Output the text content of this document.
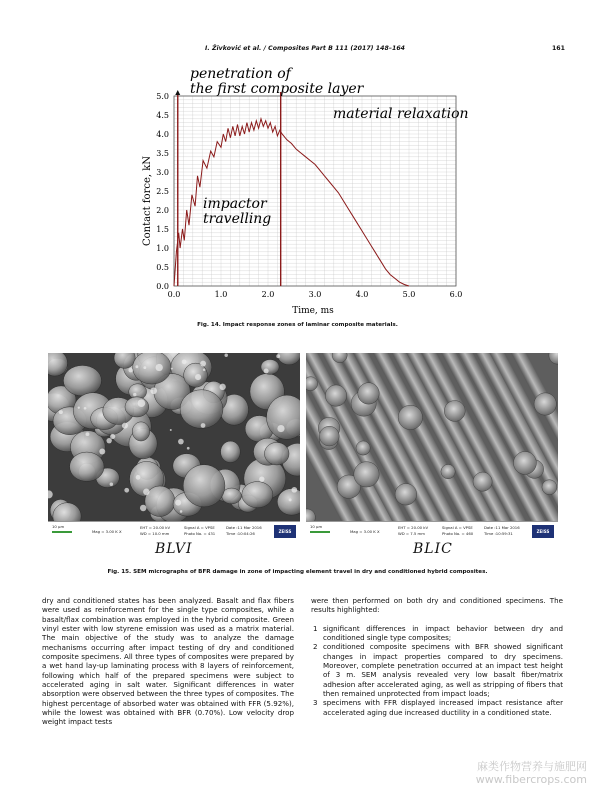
I. Živković et al. / Composites Part B 111 (2017) 148–164	161
0.0	1.0	2.0	3.0	4.0	5.0	6.0
0.0
0.5
1.0
1.5
2.0
2.5
3.0
3.5
4.0
4.5
5.0
Contact force, kN
Time, ms
penetration of
the first composite layer
material relaxation
impactor
travelling
Fig. 14. Impact response zones of laminar composite materials.
10 µm
Mag = 3.00 K X
EHT = 20.00 kV
WD = 10.0 mm
Signal A = VPSE
Photo No. = 431
Date :11 Mar 2016
Time :10:04:26	ZEISS
10 µm
Mag = 3.00 K X
EHT = 20.00 kV
WD = 7.5 mm
Signal A = VPSE
Photo No. = 460
Date :11 Mar 2016
Time :10:59:31	ZEISS
BLVI	BLIC
Fig. 15. SEM micrographs of BFR damage in zone of impacting element travel in dry and conditioned hybrid composites.

dry and conditioned states has been analyzed. Basalt and flax fibers were used as reinforcement for the single type composites, while a basalt/flax combination was employed in the hybrid composite. Green vinyl ester with low styrene emission was used as a matrix material. The main objective of the study was to analyze the damage mechanisms occurring after impact testing of dry and conditioned composite specimens. All three types of composites were prepared by a wet hand lay-up laminating process with 8 layers of reinforcement, following which half of the prepared specimens were subject to accelerated aging in salt water. Significant differences in water absorption were observed between the three types of composites. The highest percentage of absorbed water was obtained with FFR (5.92%), while the lowest was obtained with BFR (0.70%). Low velocity drop weight impact tests

were then performed on both dry and conditioned specimens. The results highlighted:

1 significant differences in impact behavior between dry and conditioned single type composites;
2 conditioned composite specimens with BFR showed significant changes in impact properties compared to dry specimens. Moreover, complete penetration occurred at an impact test height of 3 m. SEM analysis revealed very low basalt fiber/matrix adhesion after accelerated aging, as well as stripping of fibers that then remained unprotected from impact loads;
3 specimens with FFR displayed increased impact resistance after accelerated aging due increased ductility in a conditioned state.
麻类作物营养与施肥网
www.fibercrops.com
